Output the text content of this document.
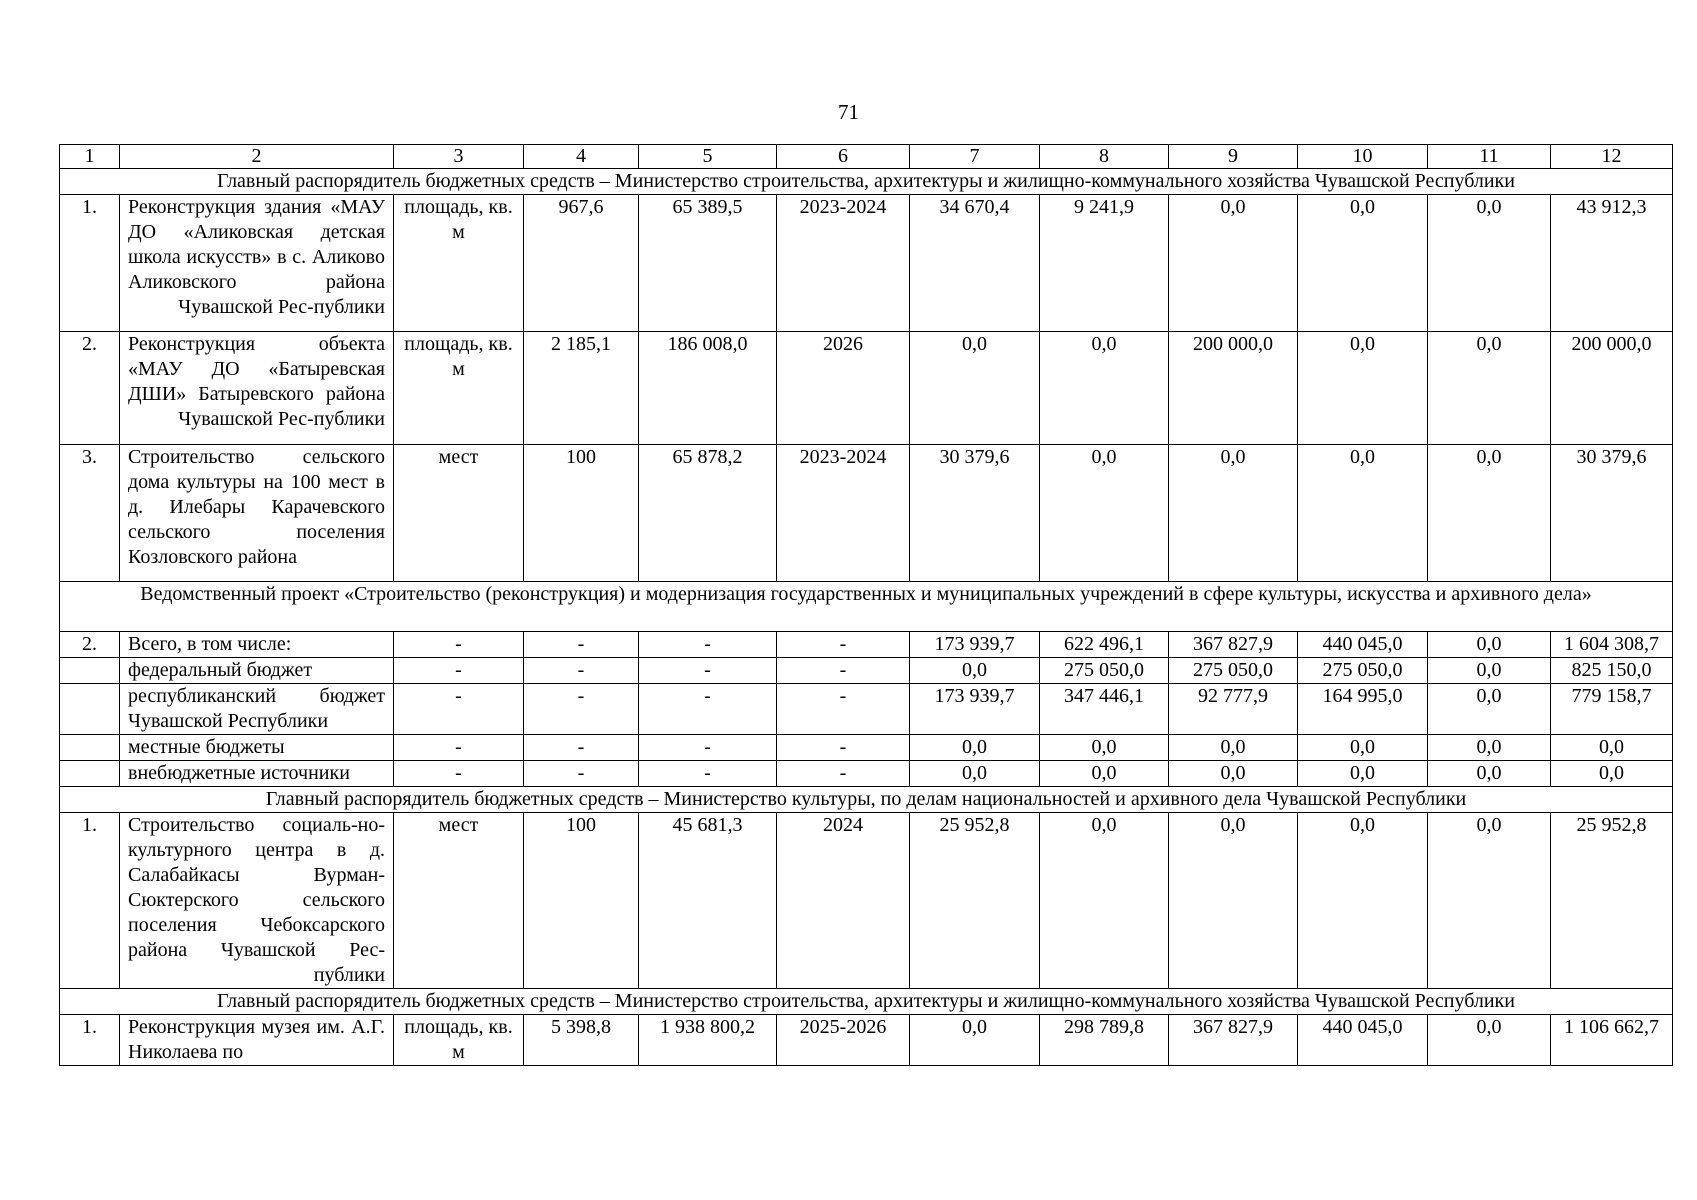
71
1	2	3	4	5	6	7	8	9	10	11	12
Главный распорядитель бюджетных средств – Министерство строительства, архитектуры и жилищно-коммунального хозяйства Чувашской Республики											
1.	Реконструкция здания «МАУ ДО «Аликовская детская школа искусств» в с. Аликово Аликовского района Чувашской Рес-публики	площадь, кв. м	967,6	65 389,5	2023-2024	34 670,4	9 241,9	0,0	0,0	0,0	43 912,3
2.	Реконструкция объекта «МАУ ДО «Батыревская ДШИ» Батыревского района Чувашской Рес-публики	площадь, кв. м	2 185,1	186 008,0	2026	0,0	0,0	200 000,0	0,0	0,0	200 000,0
3.	Строительство сельского дома культуры на 100 мест в д. Илебары Карачевского сельского поселения Козловского района	мест	100	65 878,2	2023-2024	30 379,6	0,0	0,0	0,0	0,0	30 379,6
Ведомственный проект «Строительство (реконструкция) и модернизация государственных и муниципальных учреждений в сфере культуры, искусства и архивного дела»											
2.	Всего, в том числе:	-	-	-	-	173 939,7	622 496,1	367 827,9	440 045,0	0,0	1 604 308,7
	федеральный бюджет	-	-	-	-	0,0	275 050,0	275 050,0	275 050,0	0,0	825 150,0
	республиканский бюджет Чувашской Республики	-	-	-	-	173 939,7	347 446,1	92 777,9	164 995,0	0,0	779 158,7
	местные бюджеты	-	-	-	-	0,0	0,0	0,0	0,0	0,0	0,0
	внебюджетные источники	-	-	-	-	0,0	0,0	0,0	0,0	0,0	0,0
Главный распорядитель бюджетных средств – Министерство культуры, по делам национальностей и архивного дела Чувашской Республики											
1.	Строительство социаль-но-культурного центра в д. Салабайкасы Вурман-Сюктерского сельского поселения Чебоксарского района Чувашской Рес-публики	мест	100	45 681,3	2024	25 952,8	0,0	0,0	0,0	0,0	25 952,8
Главный распорядитель бюджетных средств – Министерство строительства, архитектуры и жилищно-коммунального хозяйства Чувашской Республики											
1.	Реконструкция музея им. А.Г. Николаева по	площадь, кв. м	5 398,8	1 938 800,2	2025-2026	0,0	298 789,8	367 827,9	440 045,0	0,0	1 106 662,7
